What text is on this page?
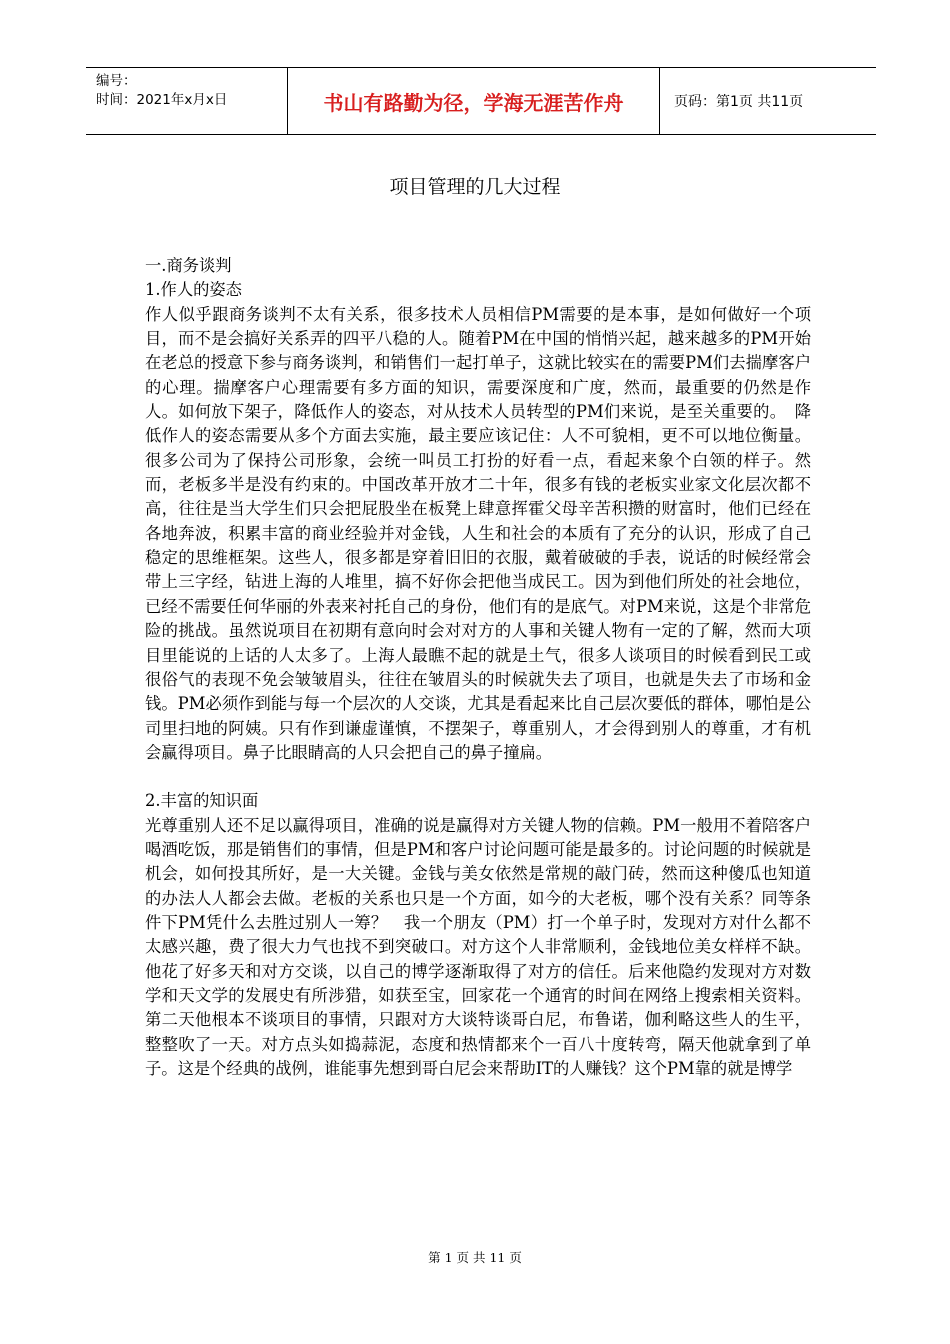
编号：
时间：2021年x月x日	书山有路勤为径，学海无涯苦作舟	页码：第1页 共11页
项目管理的几大过程

一.商务谈判

1.作人的姿态

作人似乎跟商务谈判不太有关系，很多技术人员相信PM需要的是本事，是如何做好一个项目，而不是会搞好关系弄的四平八稳的人。随着PM在中国的悄悄兴起，越来越多的PM开始在老总的授意下参与商务谈判，和销售们一起打单子，这就比较实在的需要PM们去揣摩客户的心理。揣摩客户心理需要有多方面的知识，需要深度和广度，然而，最重要的仍然是作人。如何放下架子，降低作人的姿态，对从技术人员转型的PM们来说，是至关重要的。　降低作人的姿态需要从多个方面去实施，最主要应该记住：人不可貌相，更不可以地位衡量。很多公司为了保持公司形象，会统一叫员工打扮的好看一点，看起来象个白领的样子。然而，老板多半是没有约束的。中国改革开放才二十年，很多有钱的老板实业家文化层次都不高，往往是当大学生们只会把屁股坐在板凳上肆意挥霍父母辛苦积攒的财富时，他们已经在各地奔波，积累丰富的商业经验并对金钱，人生和社会的本质有了充分的认识，形成了自己稳定的思维框架。这些人，很多都是穿着旧旧的衣服，戴着破破的手表，说话的时候经常会带上三字经，钻进上海的人堆里，搞不好你会把他当成民工。因为到他们所处的社会地位，已经不需要任何华丽的外表来衬托自己的身份，他们有的是底气。对PM来说，这是个非常危险的挑战。虽然说项目在初期有意向时会对对方的人事和关键人物有一定的了解，然而大项目里能说的上话的人太多了。上海人最瞧不起的就是土气，很多人谈项目的时候看到民工或很俗气的表现不免会皱皱眉头，往往在皱眉头的时候就失去了项目，也就是失去了市场和金钱。PM必须作到能与每一个层次的人交谈，尤其是看起来比自己层次要低的群体，哪怕是公司里扫地的阿姨。只有作到谦虚谨慎，不摆架子，尊重别人，才会得到别人的尊重，才有机会赢得项目。鼻子比眼睛高的人只会把自己的鼻子撞扁。

2.丰富的知识面

光尊重别人还不足以赢得项目，准确的说是赢得对方关键人物的信赖。PM一般用不着陪客户喝酒吃饭，那是销售们的事情，但是PM和客户讨论问题可能是最多的。讨论问题的时候就是机会，如何投其所好，是一大关键。金钱与美女依然是常规的敲门砖，然而这种傻瓜也知道的办法人人都会去做。老板的关系也只是一个方面，如今的大老板，哪个没有关系？同等条件下PM凭什么去胜过别人一筹？　我一个朋友（PM）打一个单子时，发现对方对什么都不太感兴趣，费了很大力气也找不到突破口。对方这个人非常顺利，金钱地位美女样样不缺。他花了好多天和对方交谈，以自己的博学逐渐取得了对方的信任。后来他隐约发现对方对数学和天文学的发展史有所涉猎，如获至宝，回家花一个通宵的时间在网络上搜索相关资料。第二天他根本不谈项目的事情，只跟对方大谈特谈哥白尼，布鲁诺，伽利略这些人的生平，整整吹了一天。对方点头如捣蒜泥，态度和热情都来个一百八十度转弯，隔天他就拿到了单子。这是个经典的战例，谁能事先想到哥白尼会来帮助IT的人赚钱？这个PM靠的就是博学

第 1 页 共 11 页
